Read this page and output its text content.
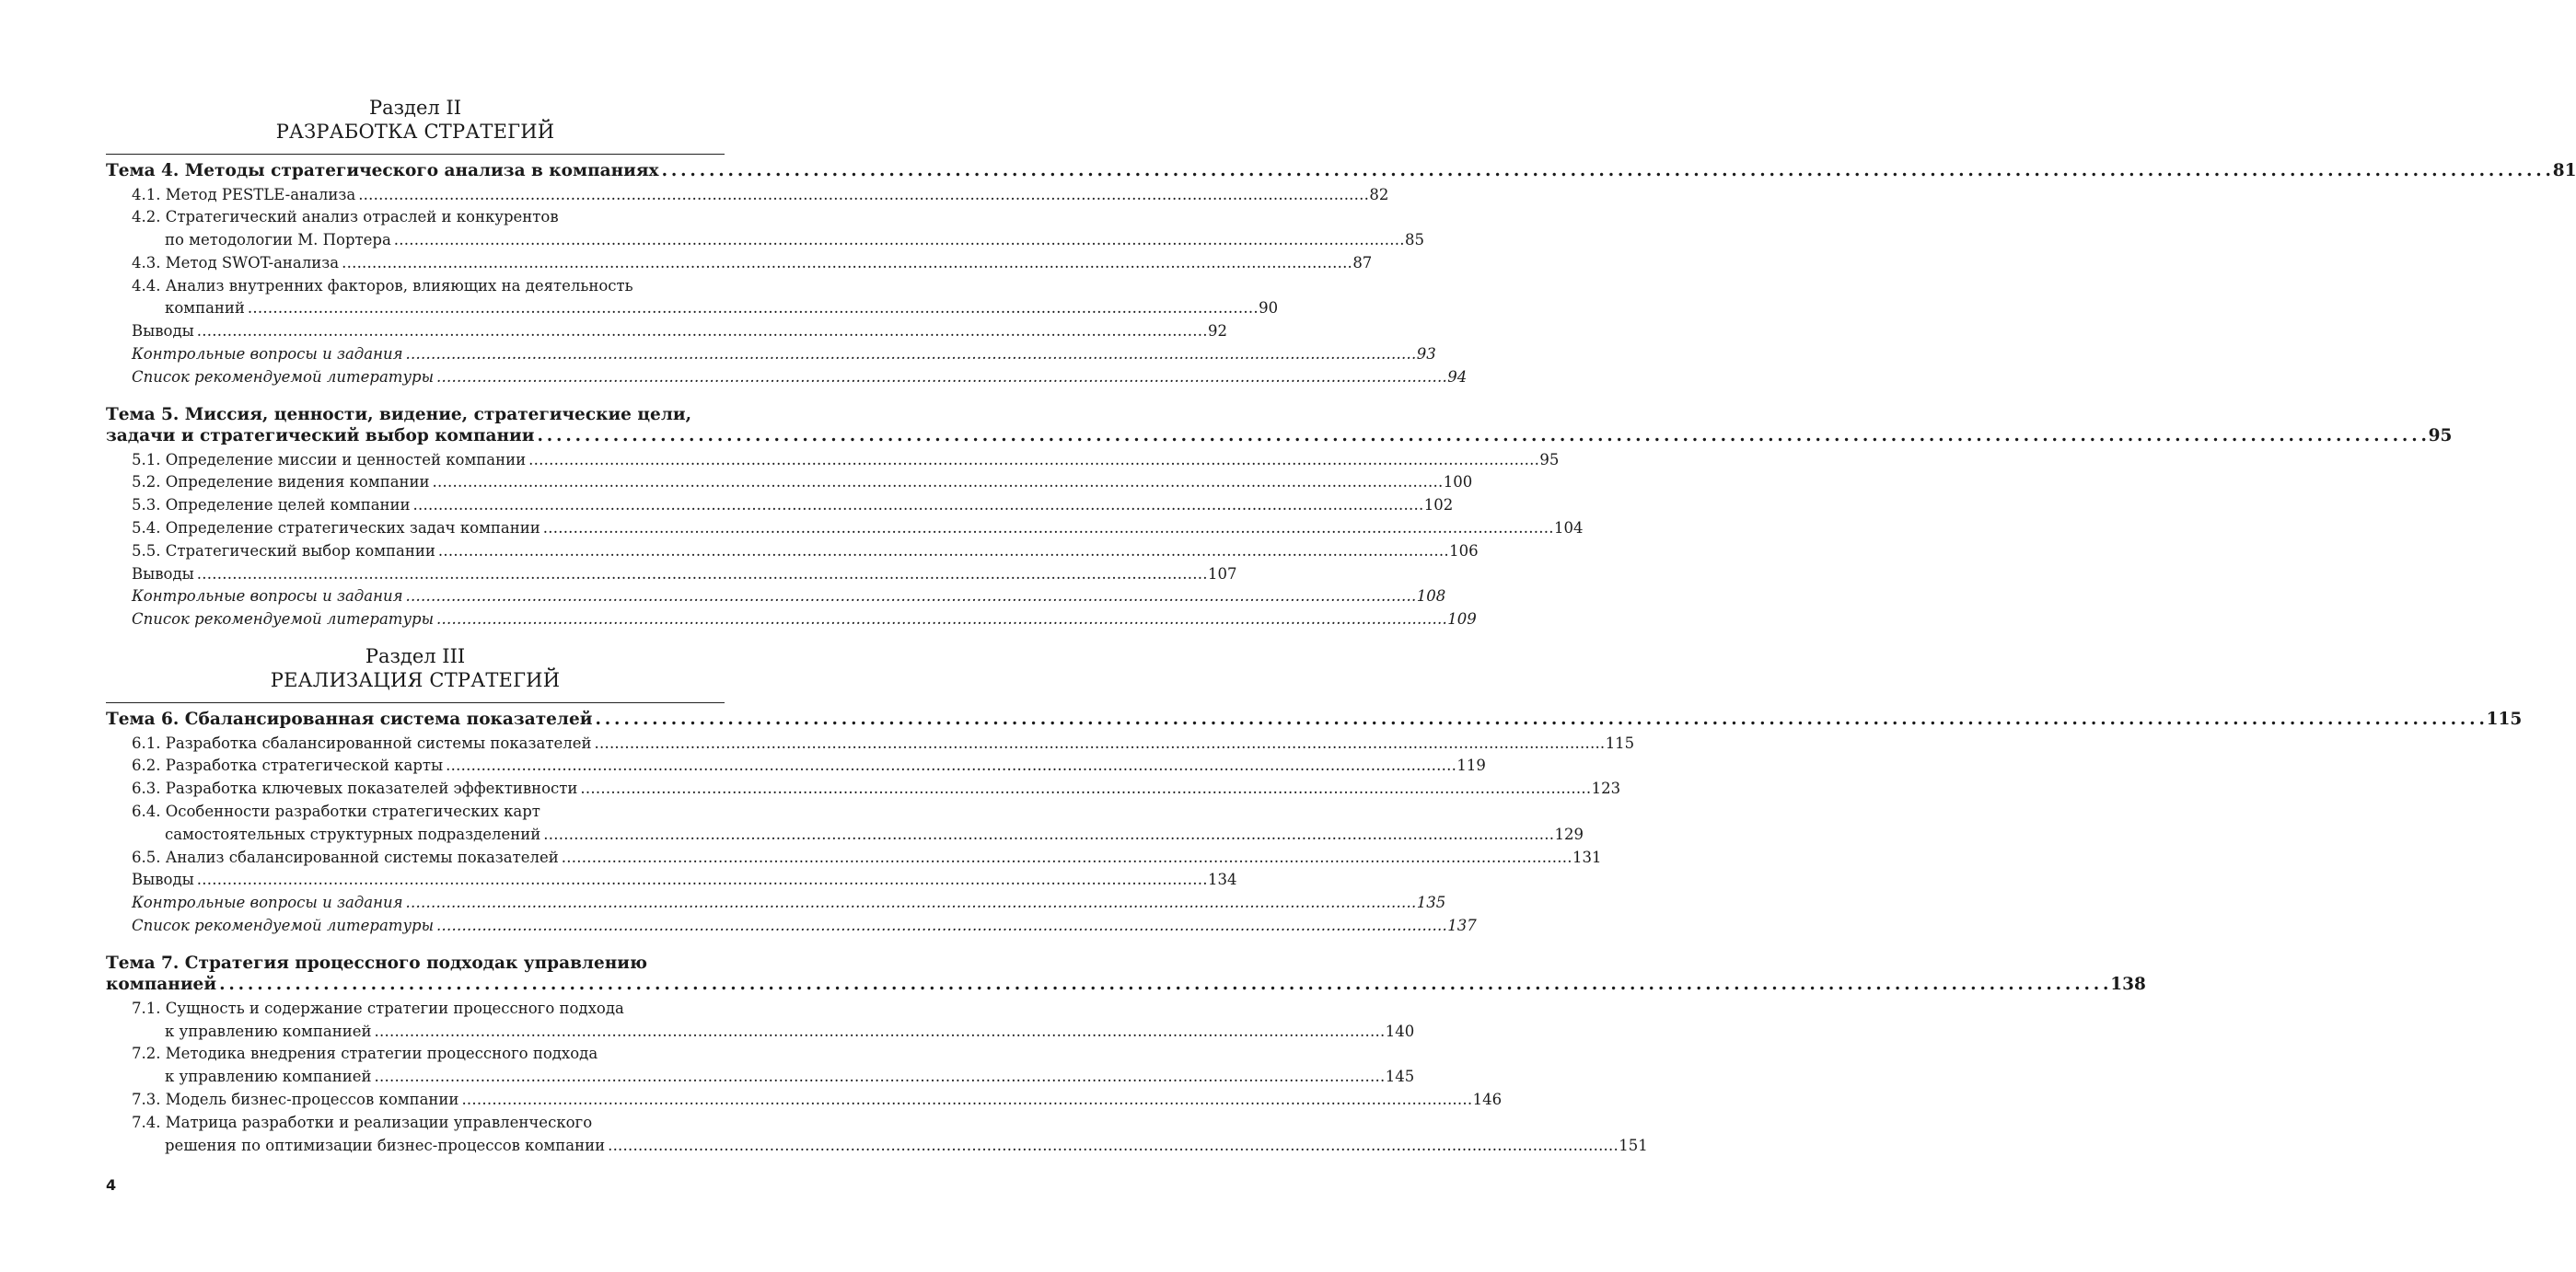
Раздел II
РАЗРАБОТКА СТРАТЕГИЙ
Тема 4. Методы стратегического анализа в компаниях . . .	81
4.1. Метод PESTLE-анализа . . .	82
4.2. Стратегический анализ отраслей и конкурентов
по методологии М. Портера . . .	85
4.3. Метод SWOT-анализа . . .	87
4.4. Анализ внутренних факторов, влияющих на деятельность
компаний . . .	90
Выводы . . .	92
Контрольные вопросы и задания . . .	93
Список рекомендуемой литературы . . .	94
Тема 5. Миссия, ценности, видение, стратегические цели,
задачи и стратегический выбор компании . . .	95
5.1. Определение миссии и ценностей компании . . .	95
5.2. Определение видения компании . . .	100
5.3. Определение целей компании . . .	102
5.4. Определение стратегических задач компании . . .	104
5.5. Стратегический выбор компании . . .	106
Выводы . . .	107
Контрольные вопросы и задания . . .	108
Список рекомендуемой литературы . . .	109
Раздел III
РЕАЛИЗАЦИЯ СТРАТЕГИЙ
Тема 6. Сбалансированная система показателей . . .	115
6.1. Разработка сбалансированной системы показателей . . .	115
6.2. Разработка стратегической карты . . .	119
6.3. Разработка ключевых показателей эффективности . . .	123
6.4. Особенности разработки стратегических карт
самостоятельных структурных подразделений . . .	129
6.5. Анализ сбалансированной системы показателей . . .	131
Выводы . . .	134
Контрольные вопросы и задания . . .	135
Список рекомендуемой литературы . . .	137
Тема 7. Стратегия процессного подходак управлению
компанией . . .	138
7.1. Сущность и содержание стратегии процессного подхода
к управлению компанией . . .	140
7.2. Методика внедрения стратегии процессного подхода
к управлению компанией . . .	145
7.3. Модель бизнес-процессов компании . . .	146
7.4. Матрица разработки и реализации управленческого
решения по оптимизации бизнес-процессов компании . . .	151
4
